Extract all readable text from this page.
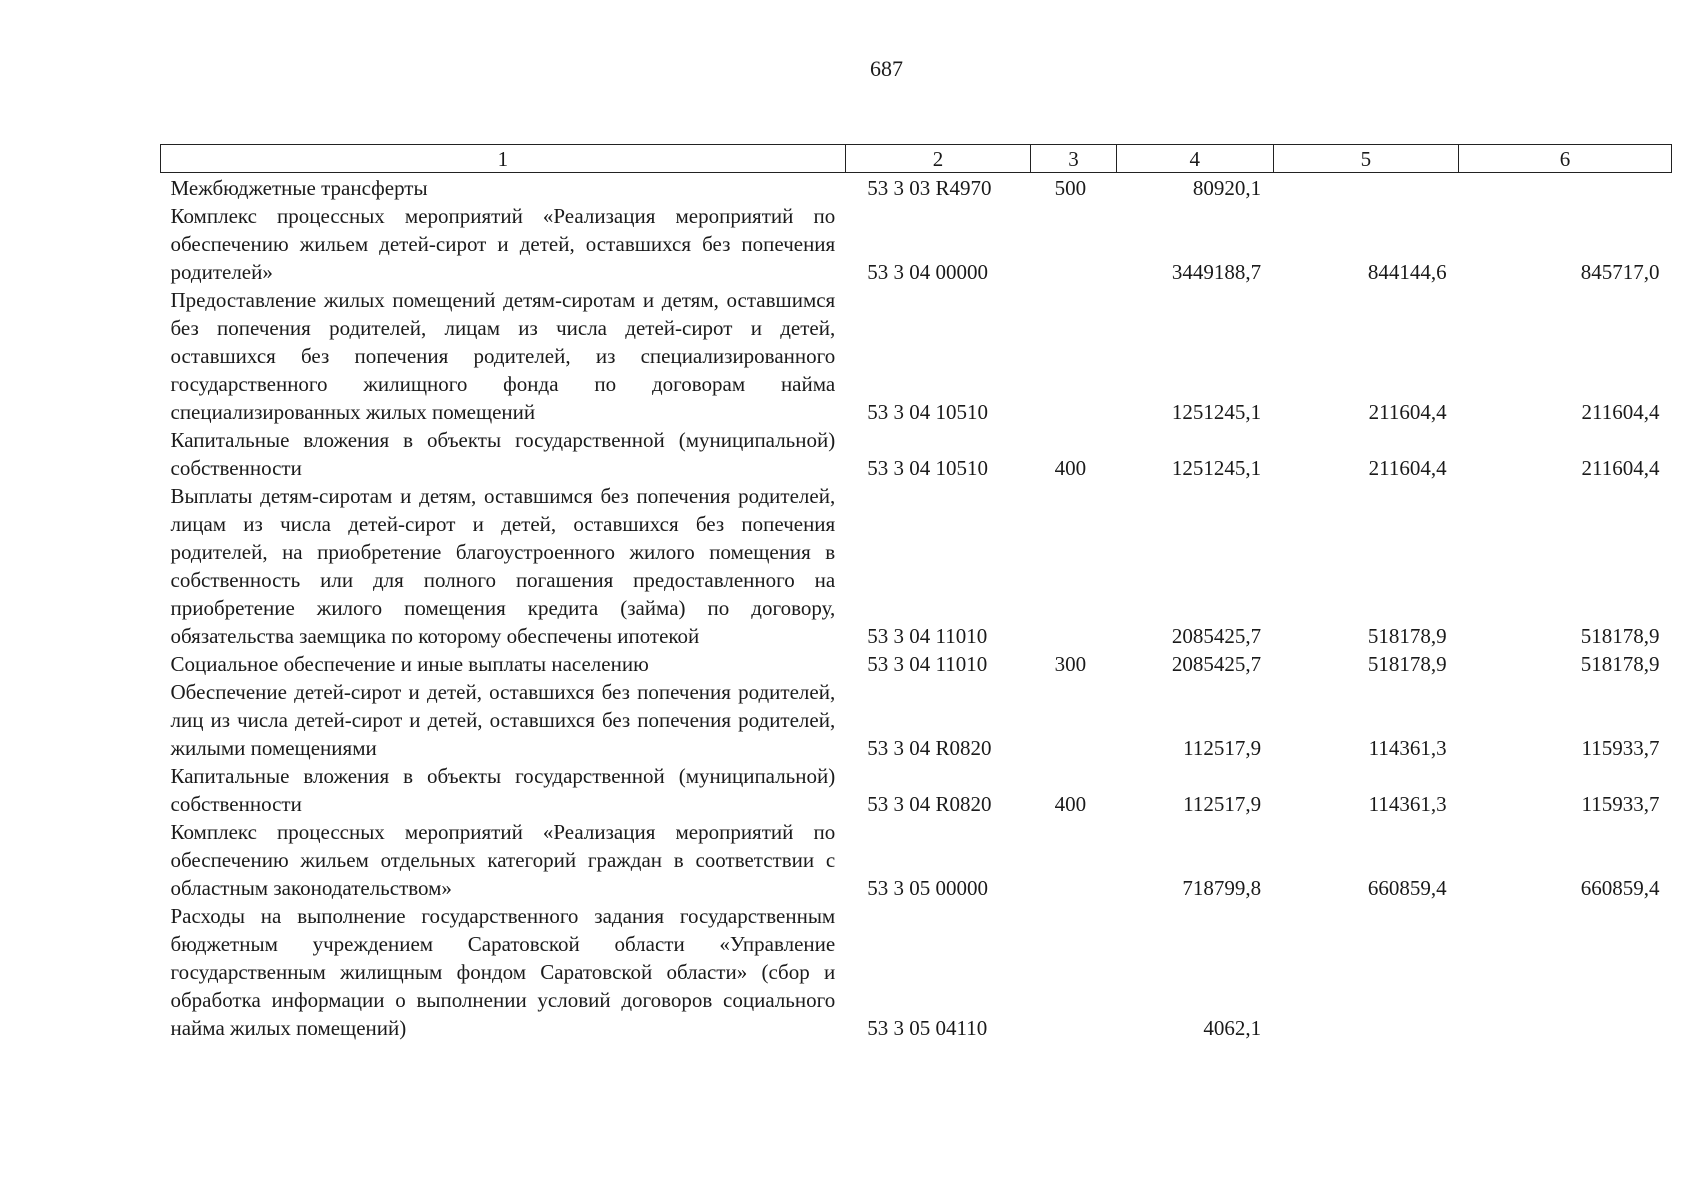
687
1	2	3	4	5	6
Межбюджетные трансферты	53 3 03 R4970	500	80920,1		
Комплекс процессных мероприятий «Реализация мероприятий по обеспечению жильем детей-сирот и детей, оставшихся без попечения родителей»	53 3 04 00000		3449188,7	844144,6	845717,0
Предоставление жилых помещений детям-сиротам и детям, оставшимся без попечения родителей, лицам из числа детей-сирот и детей, оставшихся без попечения родителей, из специализированного государственного жилищного фонда по договорам найма специализированных жилых помещений	53 3 04 10510		1251245,1	211604,4	211604,4
Капитальные вложения в объекты государственной (муниципальной) собственности	53 3 04 10510	400	1251245,1	211604,4	211604,4
Выплаты детям-сиротам и детям, оставшимся без попечения родителей, лицам из числа детей-сирот и детей, оставшихся без попечения родителей, на приобретение благоустроенного жилого помещения в собственность или для полного погашения предоставленного на приобретение жилого помещения кредита (займа) по договору, обязательства заемщика по которому обеспечены ипотекой	53 3 04 11010		2085425,7	518178,9	518178,9
Социальное обеспечение и иные выплаты населению	53 3 04 11010	300	2085425,7	518178,9	518178,9
Обеспечение детей-сирот и детей, оставшихся без попечения родителей, лиц из числа детей-сирот и детей, оставшихся без попечения родителей, жилыми помещениями	53 3 04 R0820		112517,9	114361,3	115933,7
Капитальные вложения в объекты государственной (муниципальной) собственности	53 3 04 R0820	400	112517,9	114361,3	115933,7
Комплекс процессных мероприятий «Реализация мероприятий по обеспечению жильем отдельных категорий граждан в соответствии с областным законодательством»	53 3 05 00000		718799,8	660859,4	660859,4
Расходы на выполнение государственного задания государственным бюджетным учреждением Саратовской области «Управление государственным жилищным фондом Саратовской области» (сбор и обработка информации о выполнении условий договоров социального найма жилых помещений)	53 3 05 04110		4062,1		
